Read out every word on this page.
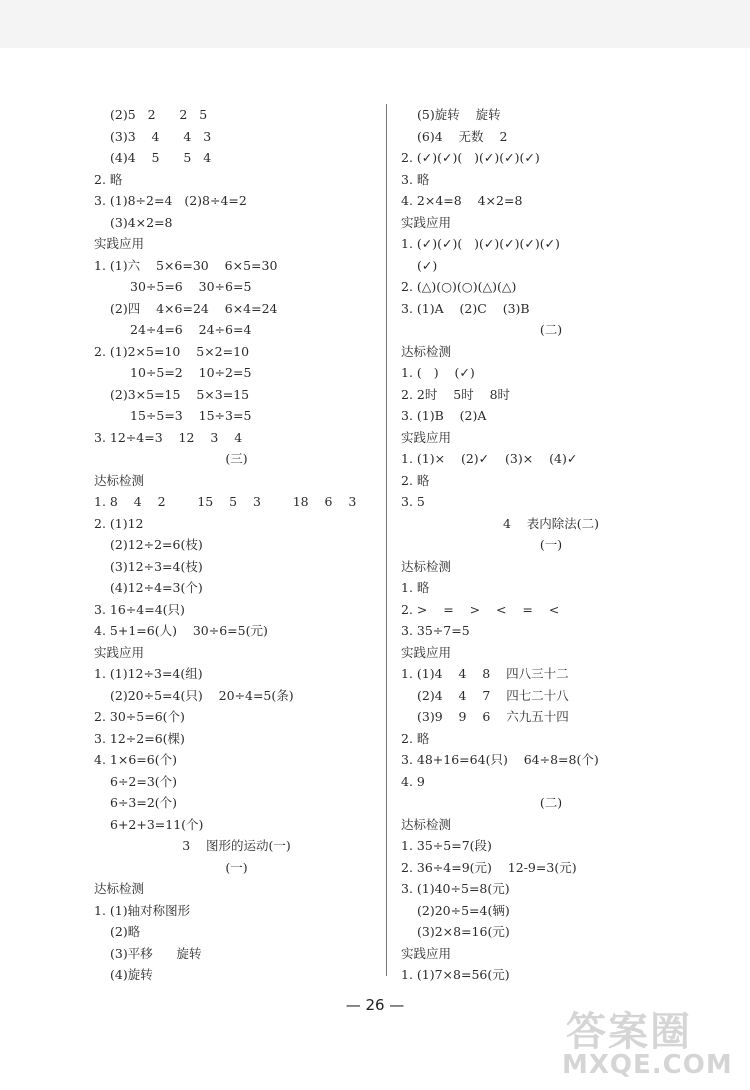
(2)5   2      2   5
(3)3    4      4   3
(4)4    5      5   4
2. 略
3. (1)8÷2=4   (2)8÷4=2
(3)4×2=8
实践应用
1. (1)六    5×6=30    6×5=30
30÷5=6    30÷6=5
(2)四    4×6=24    6×4=24
24÷4=6    24÷6=4
2. (1)2×5=10    5×2=10
10÷5=2    10÷2=5
(2)3×5=15    5×3=15
15÷5=3    15÷3=5
3. 12÷4=3    12    3    4
(三)
达标检测
1. 8    4    2        15    5    3        18    6    3
2. (1)12
(2)12÷2=6(枝)
(3)12÷3=4(枝)
(4)12÷4=3(个)
3. 16÷4=4(只)
4. 5+1=6(人)    30÷6=5(元)
实践应用
1. (1)12÷3=4(组)
(2)20÷5=4(只)    20÷4=5(条)
2. 30÷5=6(个)
3. 12÷2=6(棵)
4. 1×6=6(个)
6÷2=3(个)
6÷3=2(个)
6+2+3=11(个)
3    图形的运动(一)
(一)
达标检测
1. (1)轴对称图形
(2)略
(3)平移      旋转
(4)旋转
(5)旋转    旋转
(6)4    无数    2
2. (✓)(✓)(   )(✓)(✓)(✓)
3. 略
4. 2×4=8    4×2=8
实践应用
1. (✓)(✓)(   )(✓)(✓)(✓)(✓)
(✓)
2. (△)(○)(○)(△)(△)
3. (1)A    (2)C    (3)B
(二)
达标检测
1. (   )    (✓)
2. 2时    5时    8时
3. (1)B    (2)A
实践应用
1. (1)×    (2)✓    (3)×    (4)✓
2. 略
3. 5
4    表内除法(二)
(一)
达标检测
1. 略
2. >    =    >    <    =    <
3. 35÷7=5
实践应用
1. (1)4    4    8    四八三十二
(2)4    4    7    四七二十八
(3)9    9    6    六九五十四
2. 略
3. 48+16=64(只)    64÷8=8(个)
4. 9
(二)
达标检测
1. 35÷5=7(段)
2. 36÷4=9(元)    12-9=3(元)
3. (1)40÷5=8(元)
(2)20÷5=4(辆)
(3)2×8=16(元)
实践应用
1. (1)7×8=56(元)
— 26 —
答案圈
MXQE.COM
